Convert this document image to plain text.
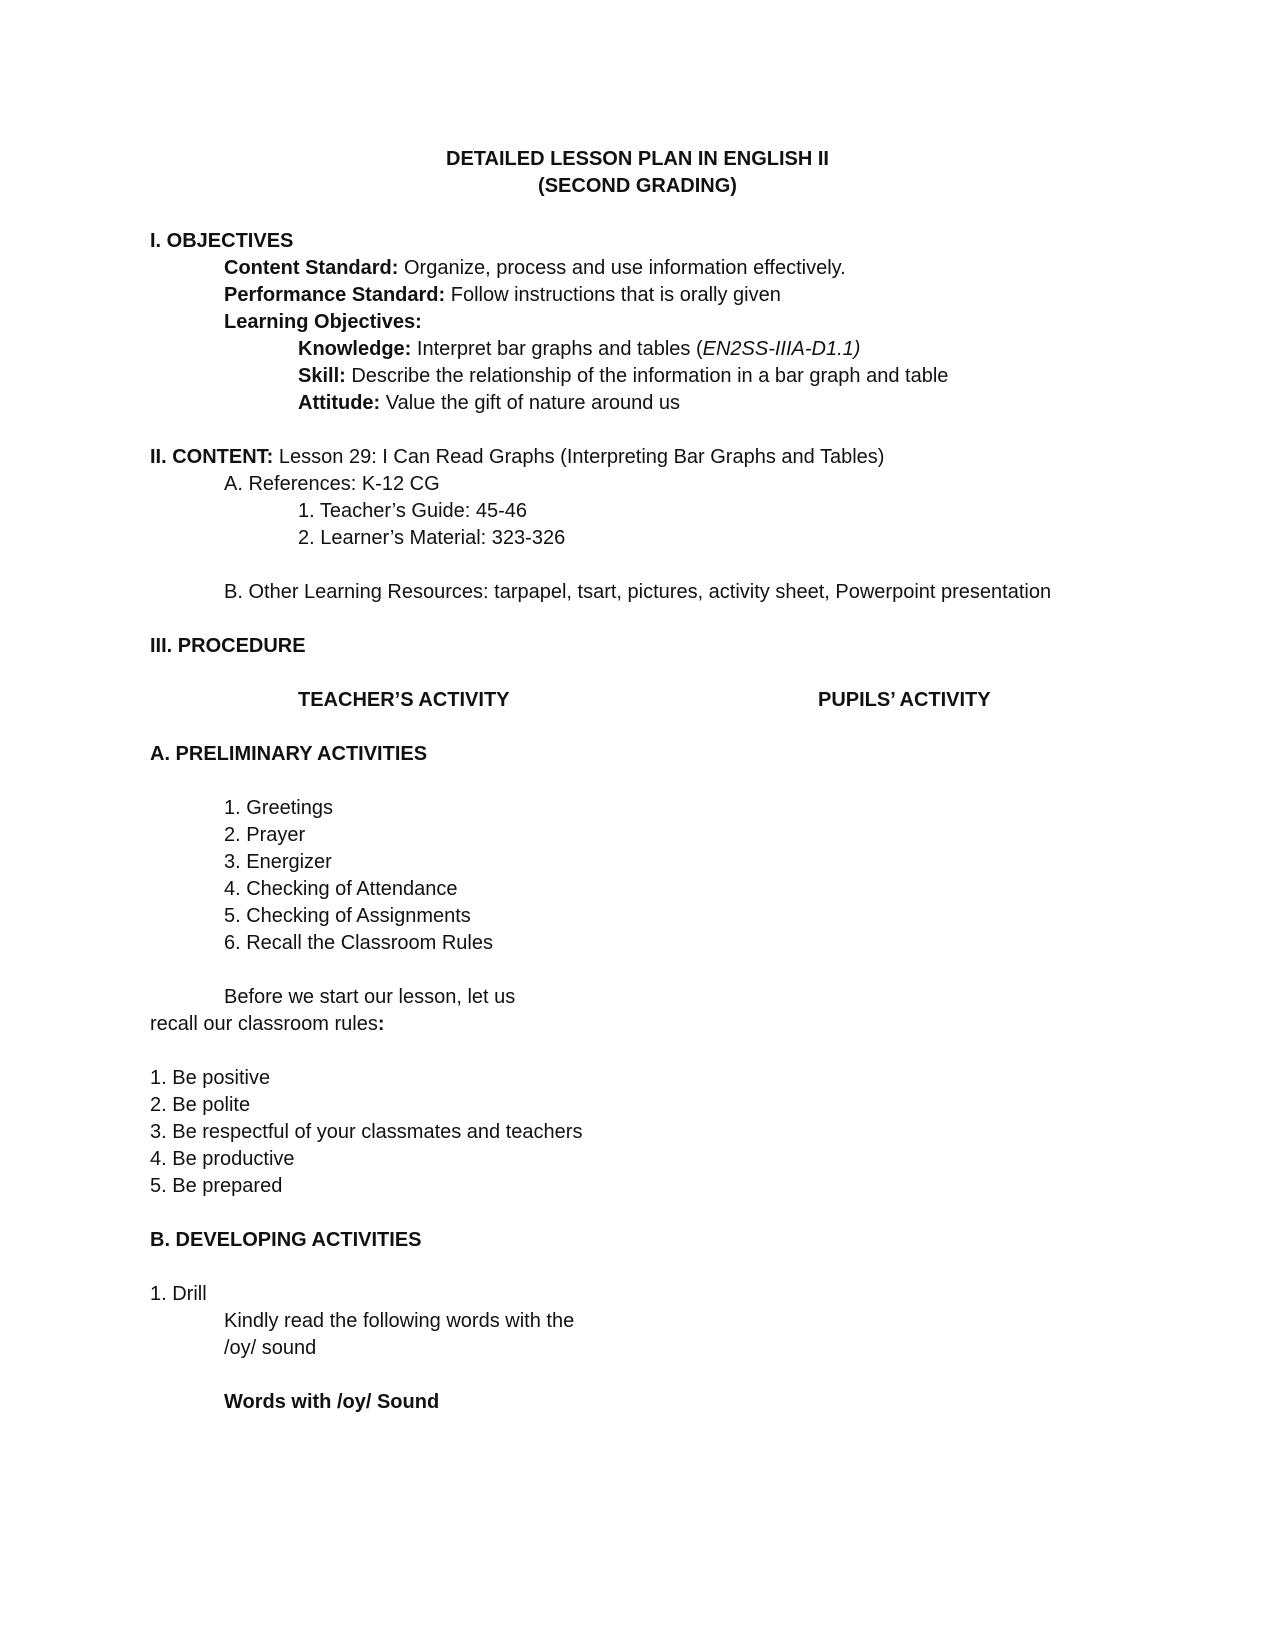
DETAILED LESSON PLAN IN ENGLISH II
(SECOND GRADING)
I. OBJECTIVES
Content Standard: Organize, process and use information effectively.
Performance Standard: Follow instructions that is orally given
Learning Objectives:
Knowledge: Interpret bar graphs and tables (EN2SS-IIIA-D1.1)
Skill: Describe the relationship of the information in a bar graph and table
Attitude: Value the gift of nature around us
II. CONTENT: Lesson 29: I Can Read Graphs (Interpreting Bar Graphs and Tables)
A. References: K-12 CG
1. Teacher’s Guide: 45-46
2. Learner’s Material: 323-326
B. Other Learning Resources: tarpapel, tsart, pictures, activity sheet, Powerpoint presentation
III. PROCEDURE
TEACHER’S ACTIVITY	PUPILS’ ACTIVITY
A. PRELIMINARY ACTIVITIES
1. Greetings
2. Prayer
3. Energizer
4. Checking of Attendance
5. Checking of Assignments
6. Recall the Classroom Rules
Before we start our lesson, let us
recall our classroom rules:
1. Be positive
2. Be polite
3. Be respectful of your classmates and teachers
4. Be productive
5. Be prepared
B. DEVELOPING ACTIVITIES
1. Drill
Kindly read the following words with the
/oy/ sound
Words with /oy/ Sound
